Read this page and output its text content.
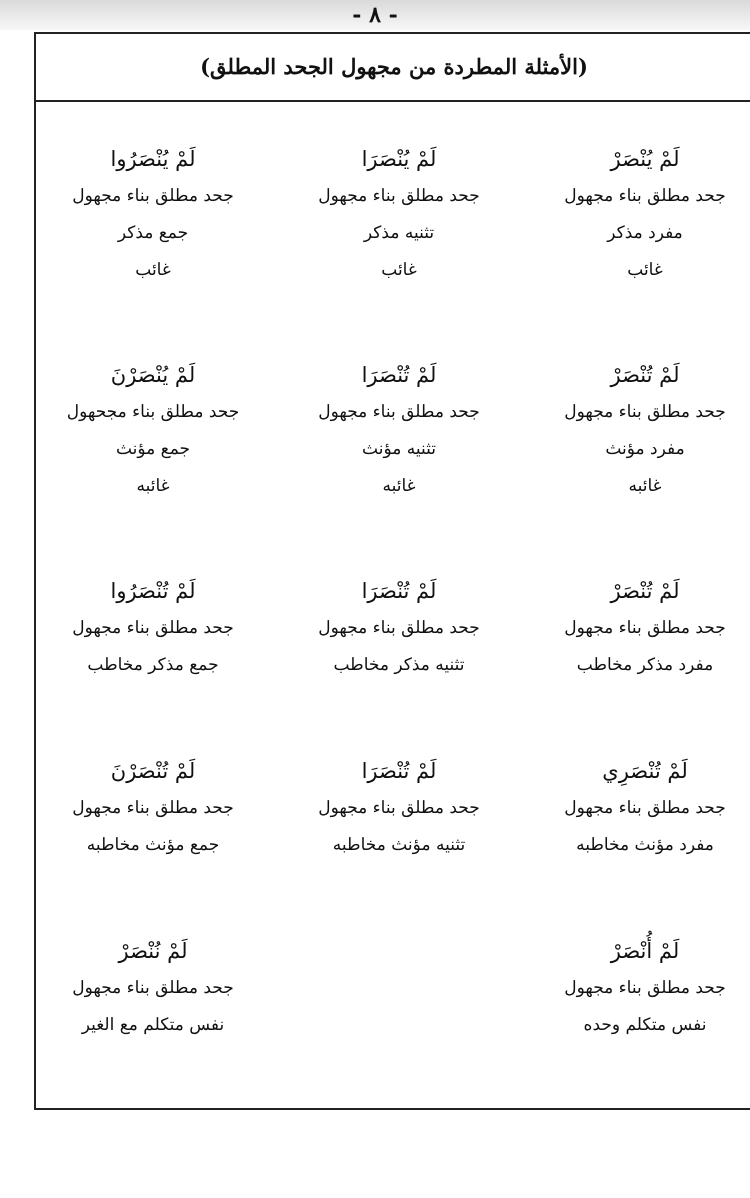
- ٨ -
(الأمثلة المطردة من مجهول الجحد المطلق)
لَمْ يُنْصَرْ
جحد مطلق بناء مجهول
مفرد مذكر
غائب
لَمْ يُنْصَرَا
جحد مطلق بناء مجهول
تثنيه مذكر
غائب
لَمْ يُنْصَرُوا
جحد مطلق بناء مجهول
جمع مذكر
غائب
لَمْ تُنْصَرْ
جحد مطلق بناء مجهول
مفرد مؤنث
غائبه
لَمْ تُنْصَرَا
جحد مطلق بناء مجهول
تثنيه مؤنث
غائبه
لَمْ يُنْصَرْنَ
جحد مطلق بناء مجحهول
جمع مؤنث
غائبه
لَمْ تُنْصَرْ
جحد مطلق بناء مجهول
مفرد مذكر مخاطب
لَمْ تُنْصَرَا
جحد مطلق بناء مجهول
تثنيه مذكر مخاطب
لَمْ تُنْصَرُوا
جحد مطلق بناء مجهول
جمع مذكر مخاطب
لَمْ تُنْصَرِي
جحد مطلق بناء مجهول
مفرد مؤنث مخاطبه
لَمْ تُنْصَرَا
جحد مطلق بناء مجهول
تثنيه مؤنث مخاطبه
لَمْ تُنْصَرْنَ
جحد مطلق بناء مجهول
جمع مؤنث مخاطبه
لَمْ أُنْصَرْ
جحد مطلق بناء مجهول
نفس متكلم وحده
لَمْ نُنْصَرْ
جحد مطلق بناء مجهول
نفس متكلم مع الغير
